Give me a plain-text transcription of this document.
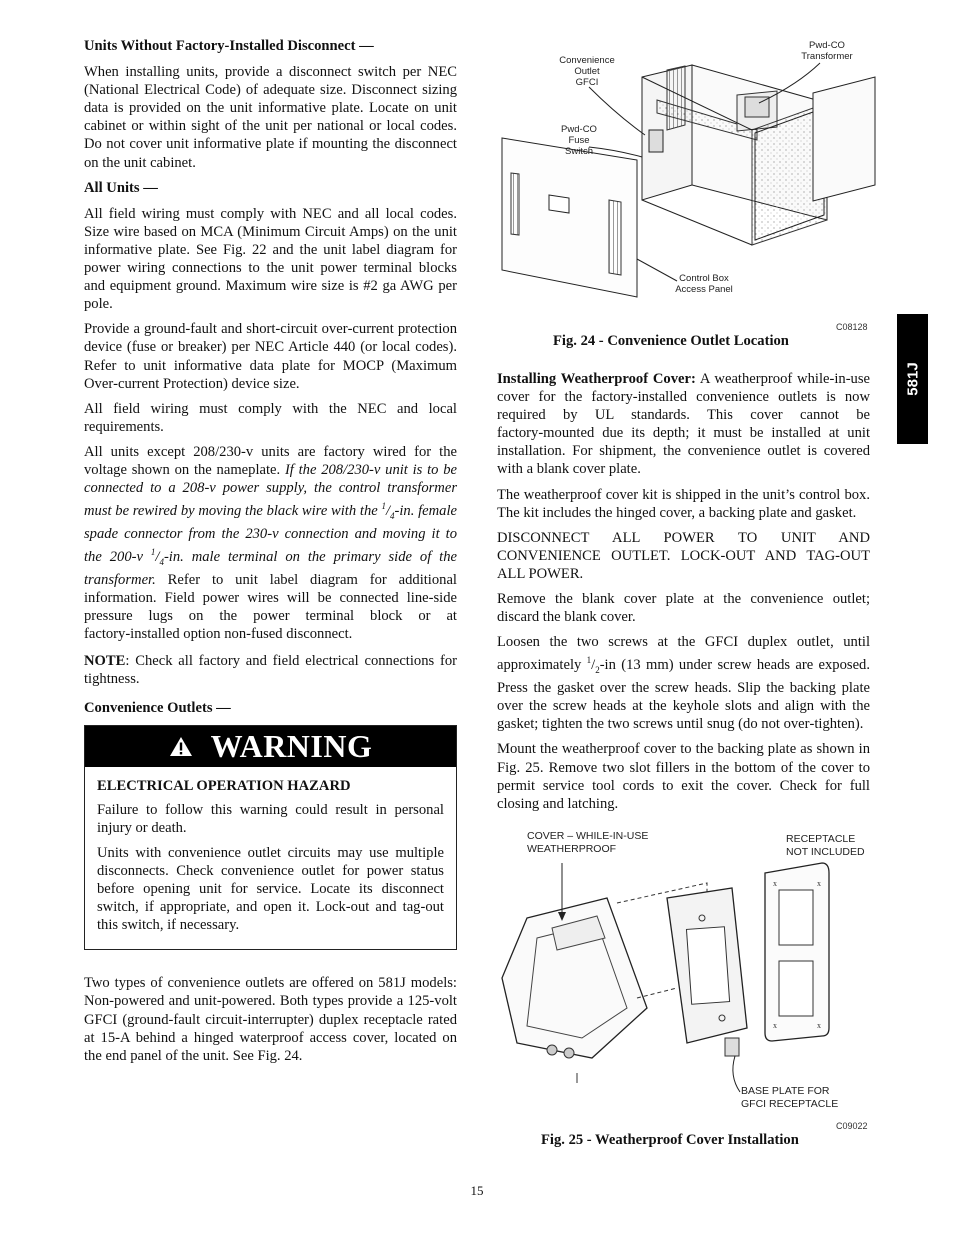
Units Without Factory‑Installed Disconnect —

When installing units, provide a disconnect switch per NEC (National Electrical Code) of adequate size. Disconnect sizing data is provided on the unit informative plate. Locate on unit cabinet or within sight of the unit per national or local codes. Do not cover unit informative plate if mounting the disconnect on the unit cabinet.

All Units —

All field wiring must comply with NEC and all local codes. Size wire based on MCA (Minimum Circuit Amps) on the unit informative plate. See Fig. 22 and the unit label diagram for power wiring connections to the unit power terminal blocks and equipment ground. Maximum wire size is #2 ga AWG per pole.

Provide a ground‑fault and short‑circuit over‑current protection device (fuse or breaker) per NEC Article 440 (or local codes). Refer to unit informative data plate for MOCP (Maximum Over‑current Protection) device size.

All field wiring must comply with the NEC and local requirements.

All units except 208/230‑v units are factory wired for the voltage shown on the nameplate. If the 208/230‑v unit is to be connected to a 208‑v power supply, the control transformer must be rewired by moving the black wire with the $^1/_4‑in$. female spade connector from the 230‑v connection and moving it to the 200‑v $^1/_4‑in$. male terminal on the primary side of the transformer. Refer to unit label diagram for additional information. Field power wires will be connected line‑side pressure lugs on the power terminal block or at factory‑installed option non‑fused disconnect.

NOTE: Check all factory and field electrical connections for tightness.

Convenience Outlets —
WARNING
ELECTRICAL OPERATION HAZARD

Failure to follow this warning could result in personal injury or death.

Units with convenience outlet circuits may use multiple disconnects. Check convenience outlet for power status before opening unit for service. Locate its disconnect switch, if appropriate, and open it. Lock‑out and tag‑out this switch, if necessary.

Two types of convenience outlets are offered on 581J models: Non‑powered and unit‑powered. Both types provide a 125‑volt GFCI (ground‑fault circuit‑interrupter) duplex receptacle rated at 15‑A behind a hinged waterproof access cover, located on the end panel of the unit. See Fig. 24.

581J
Convenience
Outlet
GFCI
Pwd‑CO
Transformer
Pwd‑CO
Fuse
Switch
Control Box
Access Panel
C08128
Fig. 24 ‑ Convenience Outlet Location

Installing Weatherproof Cover: A weatherproof while‑in‑use cover for the factory‑installed convenience outlets is now required by UL standards. This cover cannot be factory‑mounted due its depth; it must be installed at unit installation. For shipment, the convenience outlet is covered with a blank cover plate.

The weatherproof cover kit is shipped in the unit’s control box. The kit includes the hinged cover, a backing plate and gasket.

DISCONNECT ALL POWER TO UNIT AND CONVENIENCE OUTLET. LOCK‑OUT AND TAG‑OUT ALL POWER.

Remove the blank cover plate at the convenience outlet; discard the blank cover.

Loosen the two screws at the GFCI duplex outlet, until approximately $^1/_2‑in$ (13 mm) under screw heads are exposed. Press the gasket over the screw heads. Slip the backing plate over the screw heads at the keyhole slots and align with the gasket; tighten the two screws until snug (do not over‑tighten).

Mount the weatherproof cover to the backing plate as shown in Fig. 25. Remove two slot fillers in the bottom of the cover to permit service tool cords to exit the cover. Check for full closing and latching.

x	x
x	x
COVER – WHILE‑IN‑USE
WEATHERPROOF
RECEPTACLE
NOT INCLUDED
BASE PLATE FOR
GFCI RECEPTACLE
C09022
Fig. 25 ‑ Weatherproof Cover Installation
15
